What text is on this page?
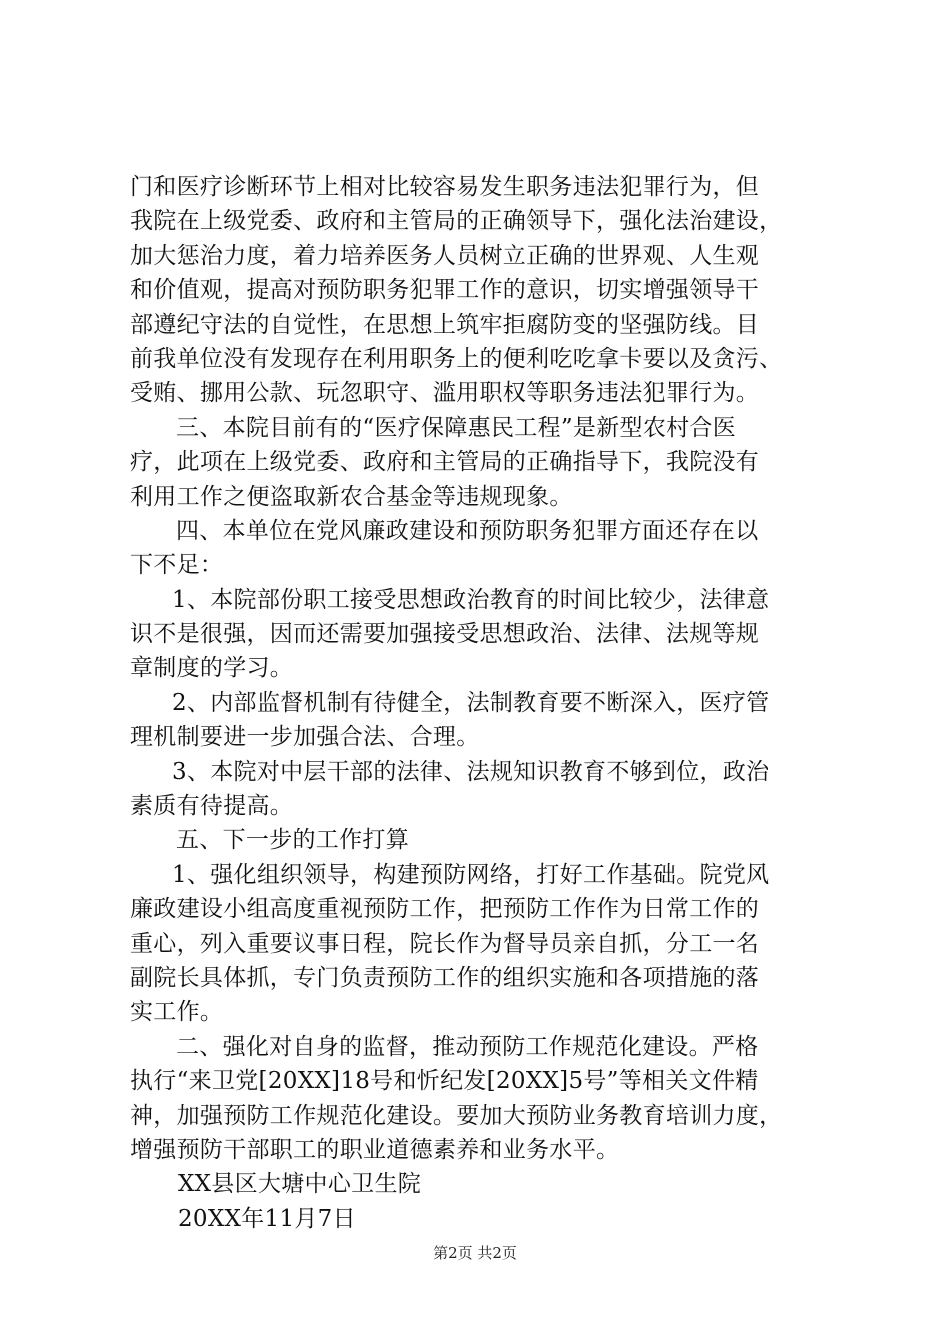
门和医疗诊断环节上相对比较容易发生职务违法犯罪行为，但
我院在上级党委、政府和主管局的正确领导下，强化法治建设，
加大惩治力度，着力培养医务人员树立正确的世界观、人生观
和价值观，提高对预防职务犯罪工作的意识，切实增强领导干
部遵纪守法的自觉性，在思想上筑牢拒腐防变的坚强防线。目
前我单位没有发现存在利用职务上的便利吃吃拿卡要以及贪污、
受贿、挪用公款、玩忽职守、滥用职权等职务违法犯罪行为。
三、本院目前有的“医疗保障惠民工程”是新型农村合医
疗，此项在上级党委、政府和主管局的正确指导下，我院没有
利用工作之便盗取新农合基金等违规现象。
四、本单位在党风廉政建设和预防职务犯罪方面还存在以
下不足：
1、本院部份职工接受思想政治教育的时间比较少，法律意
识不是很强，因而还需要加强接受思想政治、法律、法规等规
章制度的学习。
2、内部监督机制有待健全，法制教育要不断深入，医疗管
理机制要进一步加强合法、合理。
3、本院对中层干部的法律、法规知识教育不够到位，政治
素质有待提高。
五、下一步的工作打算
1、强化组织领导，构建预防网络，打好工作基础。院党风
廉政建设小组高度重视预防工作，把预防工作作为日常工作的
重心，列入重要议事日程，院长作为督导员亲自抓，分工一名
副院长具体抓，专门负责预防工作的组织实施和各项措施的落
实工作。
二、强化对自身的监督，推动预防工作规范化建设。严格
执行“来卫党[20XX]18号和忻纪发[20XX]5号”等相关文件精
神，加强预防工作规范化建设。要加大预防业务教育培训力度，
增强预防干部职工的职业道德素养和业务水平。
XX县区大塘中心卫生院
20XX年11月7日
第2页 共2页
